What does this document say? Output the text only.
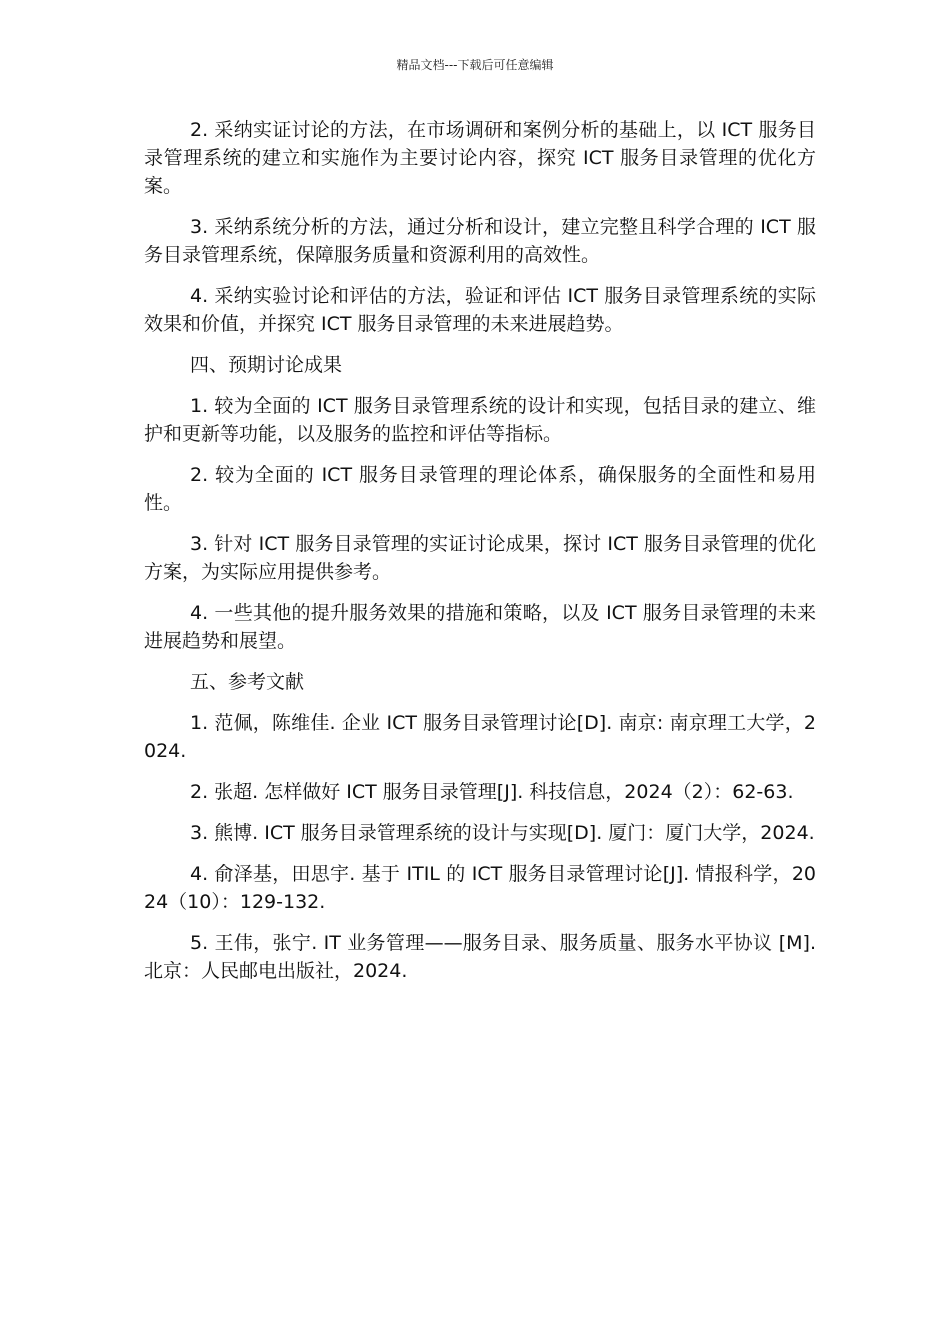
精品文档---下载后可任意编辑

2. 采纳实证讨论的方法，在市场调研和案例分析的基础上，以 ICT 服务目录管理系统的建立和实施作为主要讨论内容，探究 ICT 服务目录管理的优化方案。

3. 采纳系统分析的方法，通过分析和设计，建立完整且科学合理的 ICT 服务目录管理系统，保障服务质量和资源利用的高效性。

4. 采纳实验讨论和评估的方法，验证和评估 ICT 服务目录管理系统的实际效果和价值，并探究 ICT 服务目录管理的未来进展趋势。

四、预期讨论成果

1. 较为全面的 ICT 服务目录管理系统的设计和实现，包括目录的建立、维护和更新等功能，以及服务的监控和评估等指标。

2. 较为全面的 ICT 服务目录管理的理论体系，确保服务的全面性和易用性。

3. 针对 ICT 服务目录管理的实证讨论成果，探讨 ICT 服务目录管理的优化方案，为实际应用提供参考。

4. 一些其他的提升服务效果的措施和策略，以及 ICT 服务目录管理的未来进展趋势和展望。

五、参考文献

1. 范佩，陈维佳. 企业 ICT 服务目录管理讨论[D]. 南京: 南京理工大学，2024.

2. 张超. 怎样做好 ICT 服务目录管理[J]. 科技信息，2024（2）：62-63.

3. 熊博. ICT 服务目录管理系统的设计与实现[D]. 厦门：厦门大学，2024.

4. 俞泽基，田思宇. 基于 ITIL 的 ICT 服务目录管理讨论[J]. 情报科学，2024（10）：129-132.

5. 王伟，张宁. IT 业务管理——服务目录、服务质量、服务水平协议 [M]. 北京：人民邮电出版社，2024.
